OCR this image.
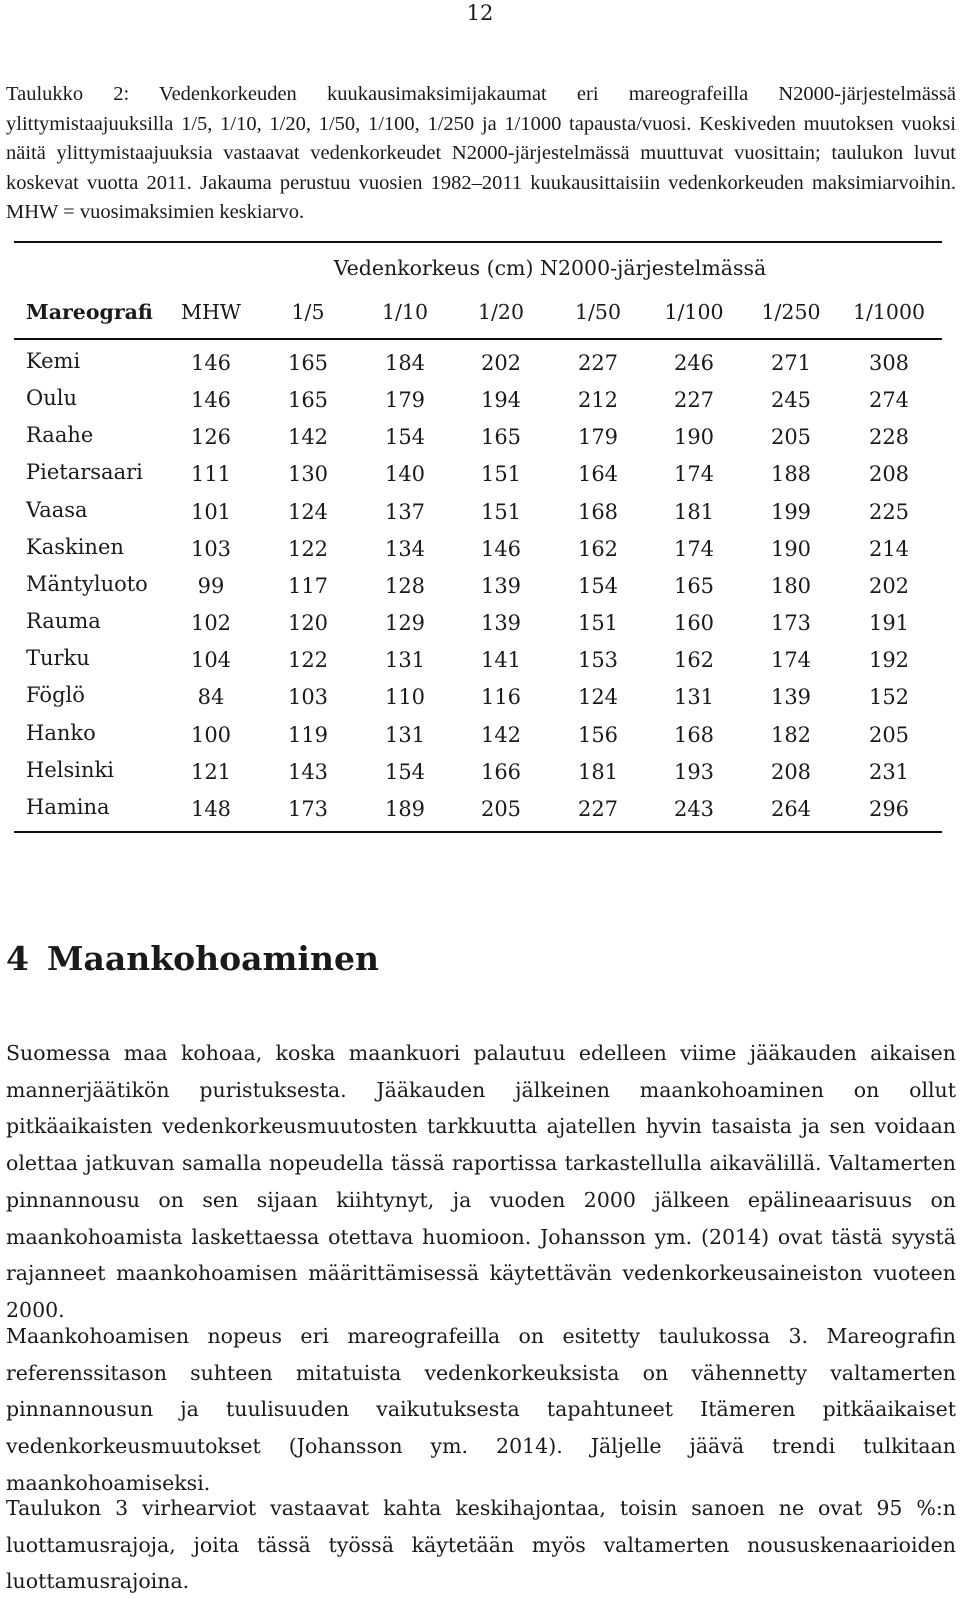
12

Taulukko 2: Vedenkorkeuden kuukausimaksimijakaumat eri mareografeilla N2000-järjestelmässä ylittymistaajuuksilla 1/5, 1/10, 1/20, 1/50, 1/100, 1/250 ja 1/1000 tapausta/vuosi. Keskiveden muutoksen vuoksi näitä ylittymistaajuuksia vastaavat vedenkorkeudet N2000-järjestelmässä muuttuvat vuosittain; taulukon luvut koskevat vuotta 2011. Jakauma perustuu vuosien 1982–2011 kuukausittaisiin vedenkorkeuden maksimiarvoihin. MHW = vuosimaksimien keskiarvo.

Vedenkorkeus (cm) N2000-järjestelmässä
Mareografi	MHW	1/5	1/10	1/20	1/50	1/100	1/250	1/1000
Kemi	146	165	184	202	227	246	271	308
Oulu	146	165	179	194	212	227	245	274
Raahe	126	142	154	165	179	190	205	228
Pietarsaari	111	130	140	151	164	174	188	208
Vaasa	101	124	137	151	168	181	199	225
Kaskinen	103	122	134	146	162	174	190	214
Mäntyluoto	99	117	128	139	154	165	180	202
Rauma	102	120	129	139	151	160	173	191
Turku	104	122	131	141	153	162	174	192
Föglö	84	103	110	116	124	131	139	152
Hanko	100	119	131	142	156	168	182	205
Helsinki	121	143	154	166	181	193	208	231
Hamina	148	173	189	205	227	243	264	296
4 Maankohoaminen

Suomessa maa kohoaa, koska maankuori palautuu edelleen viime jääkauden aikaisen mannerjäätikön puristuksesta. Jääkauden jälkeinen maankohoaminen on ollut pitkäaikaisten vedenkorkeusmuutosten tarkkuutta ajatellen hyvin tasaista ja sen voidaan olettaa jatkuvan samalla nopeudella tässä raportissa tarkastellulla aikavälillä. Valtamerten pinnannousu on sen sijaan kiihtynyt, ja vuoden 2000 jälkeen epälineaarisuus on maankohoamista laskettaessa otettava huomioon. Johansson ym. (2014) ovat tästä syystä rajanneet maankohoamisen määrittämisessä käytettävän vedenkorkeusaineiston vuoteen 2000.

Maankohoamisen nopeus eri mareografeilla on esitetty taulukossa 3. Mareografin referenssitason suhteen mitatuista vedenkorkeuksista on vähennetty valtamerten pinnannousun ja tuulisuuden vaikutuksesta tapahtuneet Itämeren pitkäaikaiset vedenkorkeusmuutokset (Johansson ym. 2014). Jäljelle jäävä trendi tulkitaan maankohoamiseksi.

Taulukon 3 virhearviot vastaavat kahta keskihajontaa, toisin sanoen ne ovat 95 %:n luottamusrajoja, joita tässä työssä käytetään myös valtamerten noususkenaarioiden luottamusrajoina.
